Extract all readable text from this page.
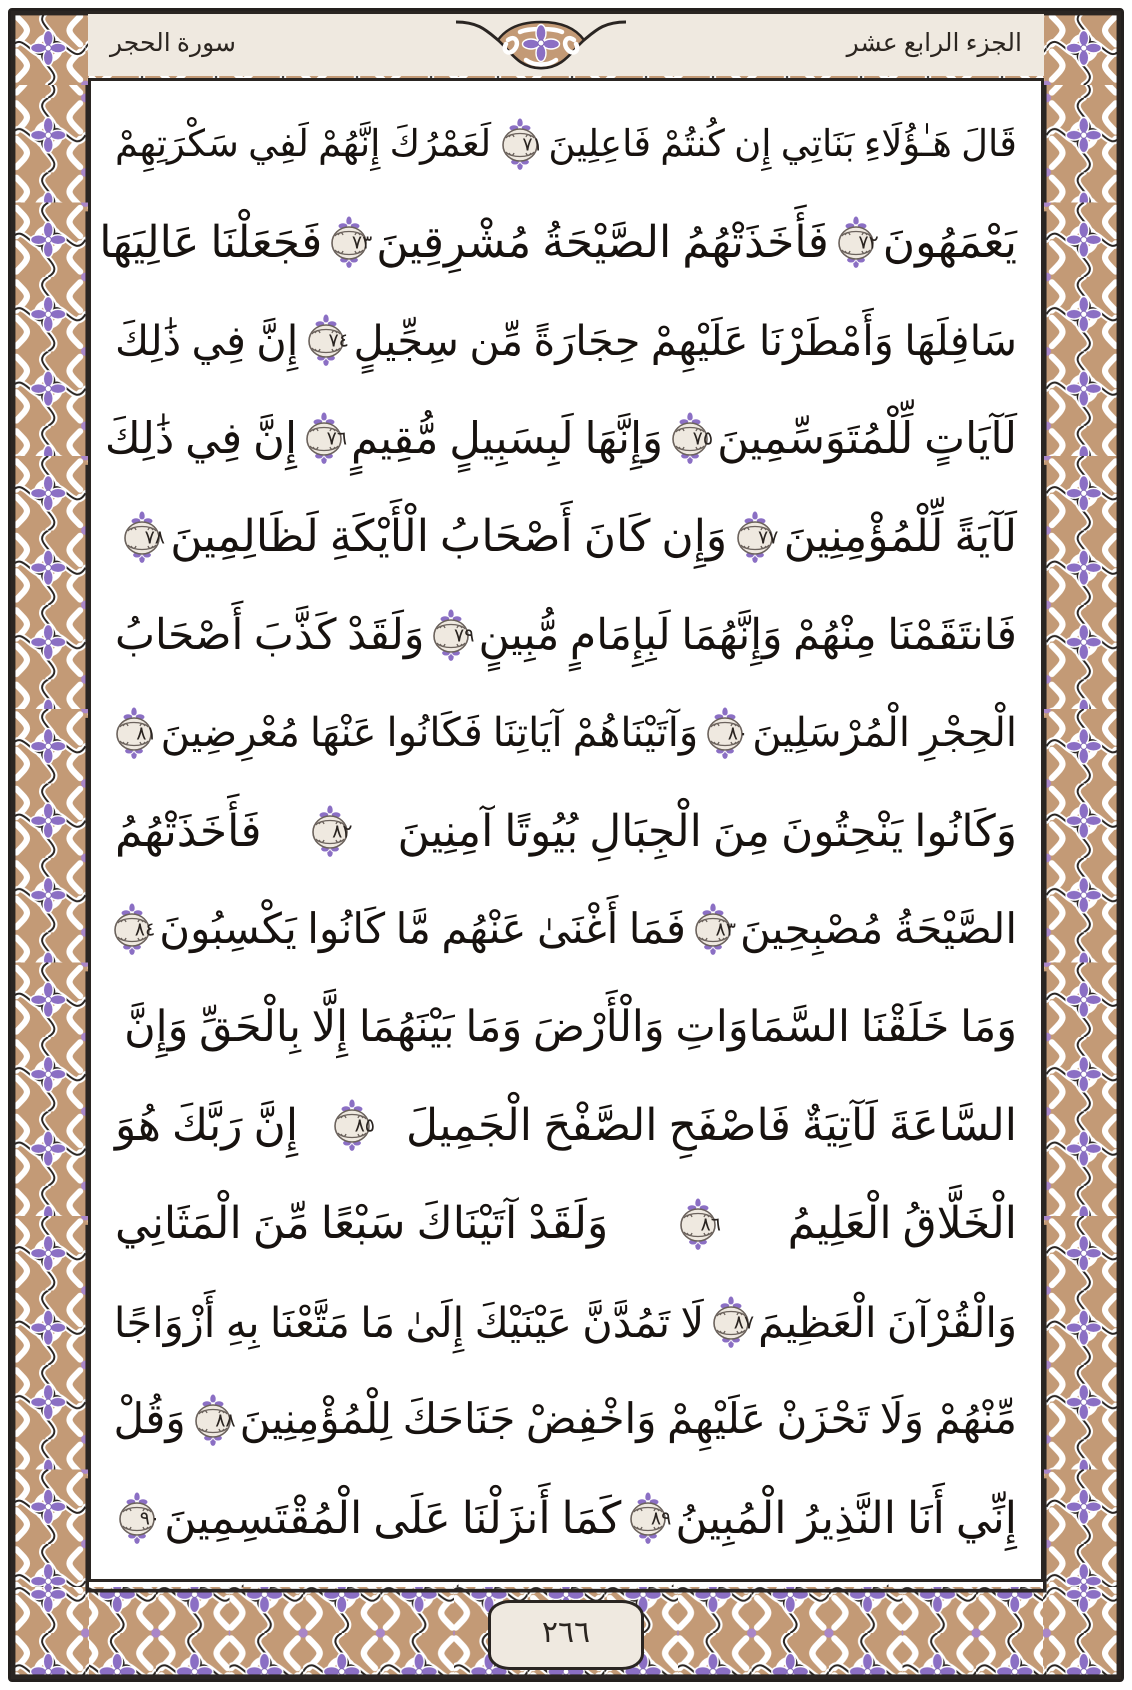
الجزء الرابع عشر
سورة الحجر
قَالَ هَـٰؤُلَاءِ بَنَاتِي إِن كُنتُمْ فَاعِلِينَ
٧١
لَعَمْرُكَ إِنَّهُمْ لَفِي سَكْرَتِهِمْ
يَعْمَهُونَ
٧٢
فَأَخَذَتْهُمُ الصَّيْحَةُ مُشْرِقِينَ
٧٣
فَجَعَلْنَا عَالِيَهَا
سَافِلَهَا وَأَمْطَرْنَا عَلَيْهِمْ حِجَارَةً مِّن سِجِّيلٍ
٧٤
إِنَّ فِي ذَٰلِكَ
لَآيَاتٍ لِّلْمُتَوَسِّمِينَ
٧٥
وَإِنَّهَا لَبِسَبِيلٍ مُّقِيمٍ
٧٦
إِنَّ فِي ذَٰلِكَ
لَآيَةً لِّلْمُؤْمِنِينَ
٧٧
وَإِن كَانَ أَصْحَابُ الْأَيْكَةِ لَظَالِمِينَ
٧٨
فَانتَقَمْنَا مِنْهُمْ وَإِنَّهُمَا لَبِإِمَامٍ مُّبِينٍ
٧٩
وَلَقَدْ كَذَّبَ أَصْحَابُ
الْحِجْرِ الْمُرْسَلِينَ
٨٠
وَآتَيْنَاهُمْ آيَاتِنَا فَكَانُوا عَنْهَا مُعْرِضِينَ
٨١
وَكَانُوا يَنْحِتُونَ مِنَ الْجِبَالِ بُيُوتًا آمِنِينَ
٨٢
فَأَخَذَتْهُمُ
الصَّيْحَةُ مُصْبِحِينَ
٨٣
فَمَا أَغْنَىٰ عَنْهُم مَّا كَانُوا يَكْسِبُونَ
٨٤
وَمَا خَلَقْنَا السَّمَاوَاتِ وَالْأَرْضَ وَمَا بَيْنَهُمَا إِلَّا بِالْحَقِّ وَإِنَّ
السَّاعَةَ لَآتِيَةٌ فَاصْفَحِ الصَّفْحَ الْجَمِيلَ
٨٥
إِنَّ رَبَّكَ هُوَ
الْخَلَّاقُ الْعَلِيمُ
٨٦
وَلَقَدْ آتَيْنَاكَ سَبْعًا مِّنَ الْمَثَانِي
وَالْقُرْآنَ الْعَظِيمَ
٨٧
لَا تَمُدَّنَّ عَيْنَيْكَ إِلَىٰ مَا مَتَّعْنَا بِهِ أَزْوَاجًا
مِّنْهُمْ وَلَا تَحْزَنْ عَلَيْهِمْ وَاخْفِضْ جَنَاحَكَ لِلْمُؤْمِنِينَ
٨٨
وَقُلْ
إِنِّي أَنَا النَّذِيرُ الْمُبِينُ
٨٩
كَمَا أَنزَلْنَا عَلَى الْمُقْتَسِمِينَ
٩٠
٢٦٦
